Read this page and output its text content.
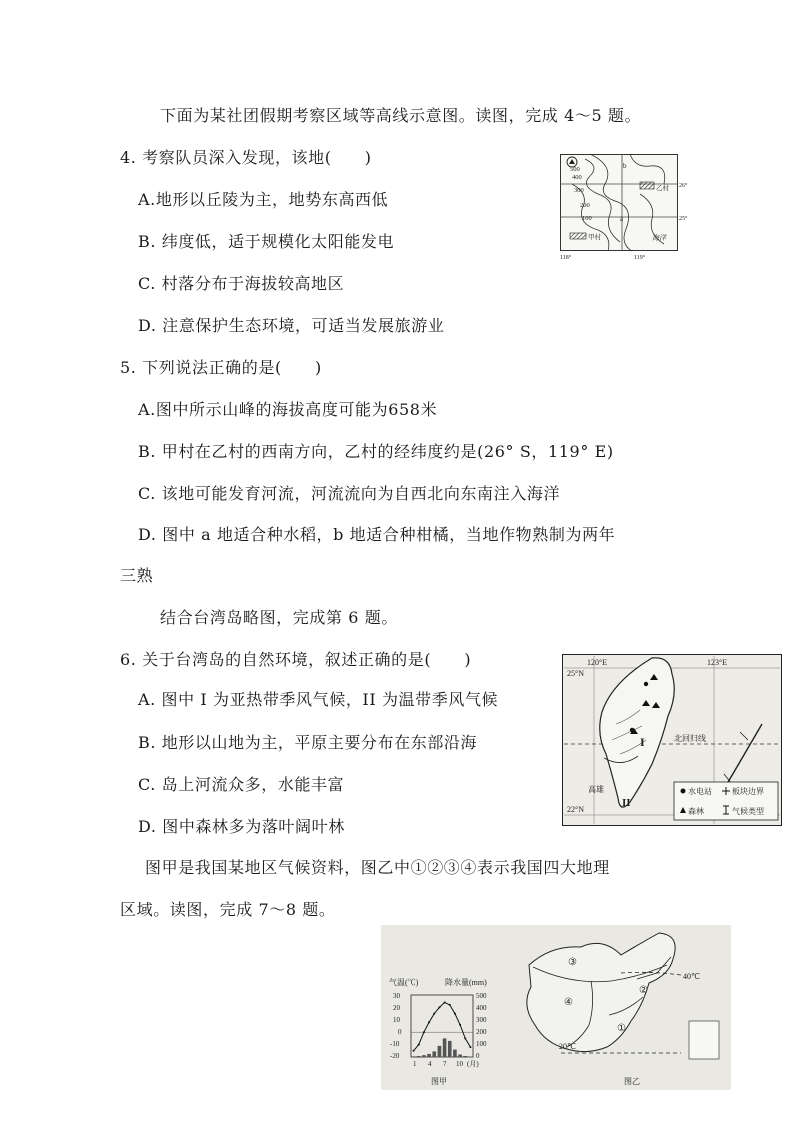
下面为某社团假期考察区域等高线示意图。读图，完成 4～5 题。
4. 考察队员深入发现，该地(　　)
A.地形以丘陵为主，地势东高西低
B. 纬度低，适于规模化太阳能发电
C. 村落分布于海拔较高地区
D. 注意保护生态环境，可适当发展旅游业
5. 下列说法正确的是(　　)
A.图中所示山峰的海拔高度可能为658米
B. 甲村在乙村的西南方向，乙村的经纬度约是(26° S，119° E)
C. 该地可能发育河流，河流流向为自西北向东南注入海洋
D. 图中 a 地适合种水稻，b 地适合种柑橘，当地作物熟制为两年
三熟
结合台湾岛略图，完成第 6 题。
6. 关于台湾岛的自然环境，叙述正确的是(　　)
A. 图中 I 为亚热带季风气候，II 为温带季风气候
B. 地形以山地为主，平原主要分布在东部沿海
C. 岛上河流众多，水能丰富
D. 图中森林多为落叶阔叶林
图甲是我国某地区气候资料，图乙中①②③④表示我国四大地理
区域。读图，完成 7～8 题。
500
400
300
200
100
b
a
乙村
甲村	海洋
26°
25°
118°	119°
水电站
森林
板块边界
气候类型
120°E	123°E
25°N
22°N
北回归线
高雄
I
II
气温(℃)	降水量(mm)
30
20
10
0
-10
-20
500
400
300
200
100
0
1 4 7 10 (月)
图甲
③
②
④
①
40℃
20℃
图乙
